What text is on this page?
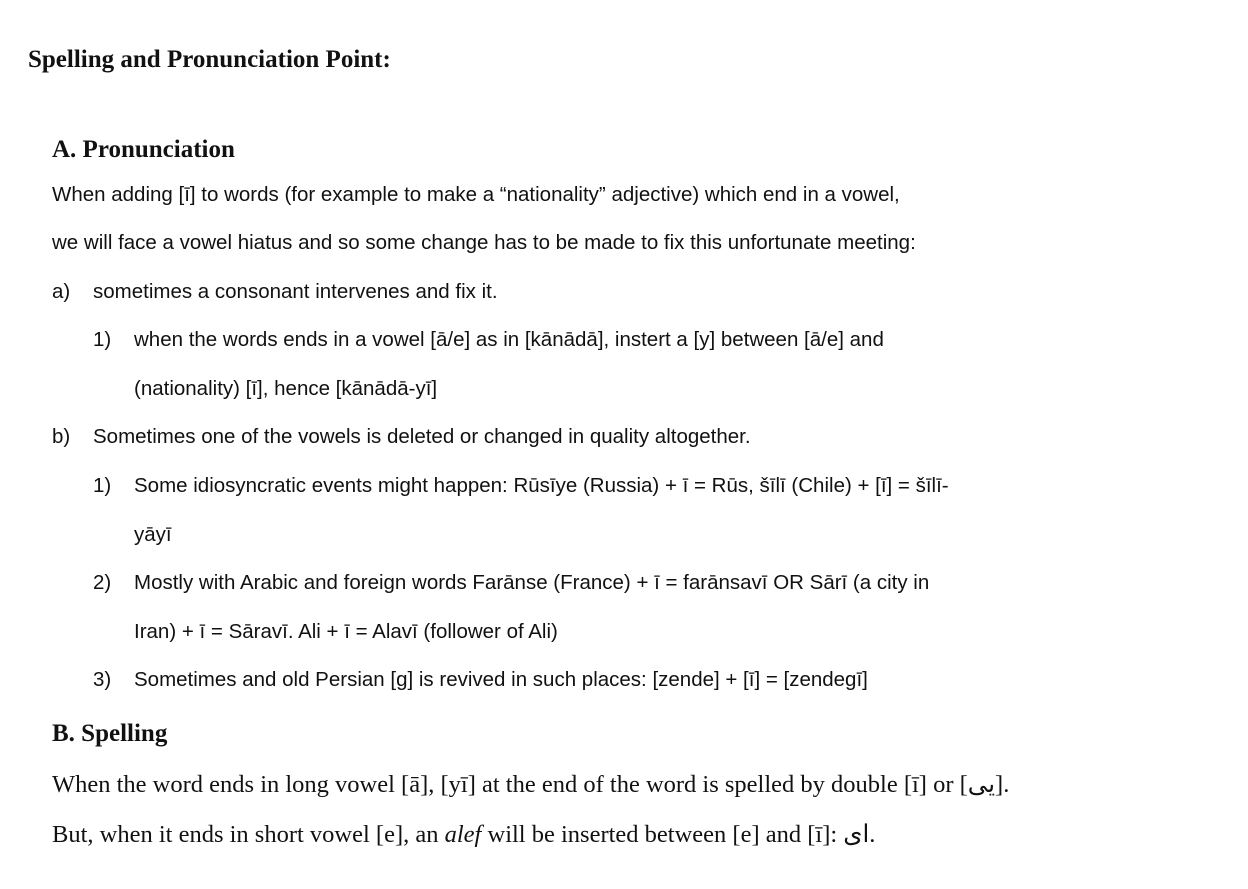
Spelling and Pronunciation Point:
A. Pronunciation
When adding [ī] to words (for example to make a “nationality” adjective) which end in a vowel,
we will face a vowel hiatus and so some change has to be made to fix this unfortunate meeting:
a) sometimes a consonant intervenes and fix it.
1) when the words ends in a vowel [ā/e] as in [kānādā], instert a [y] between [ā/e] and
(nationality) [ī], hence [kānādā-yī]
b) Sometimes one of the vowels is deleted or changed in quality altogether.
1) Some idiosyncratic events might happen: Rūsīye (Russia) + ī = Rūs, šīlī (Chile) + [ī] = šīlī-
yāyī
2) Mostly with Arabic and foreign words Farānse (France) + ī = farānsavī OR Sārī (a city in
Iran) + ī = Sāravī. Ali + ī = Alavī (follower of Ali)
3) Sometimes and old Persian [g] is revived in such places: [zende] + [ī] = [zendegī]
B. Spelling
When the word ends in long vowel [ā], [yī] at the end of the word is spelled by double [ī] or [یی].
But, when it ends in short vowel [e], an alef will be inserted between [e] and [ī]: ای.
